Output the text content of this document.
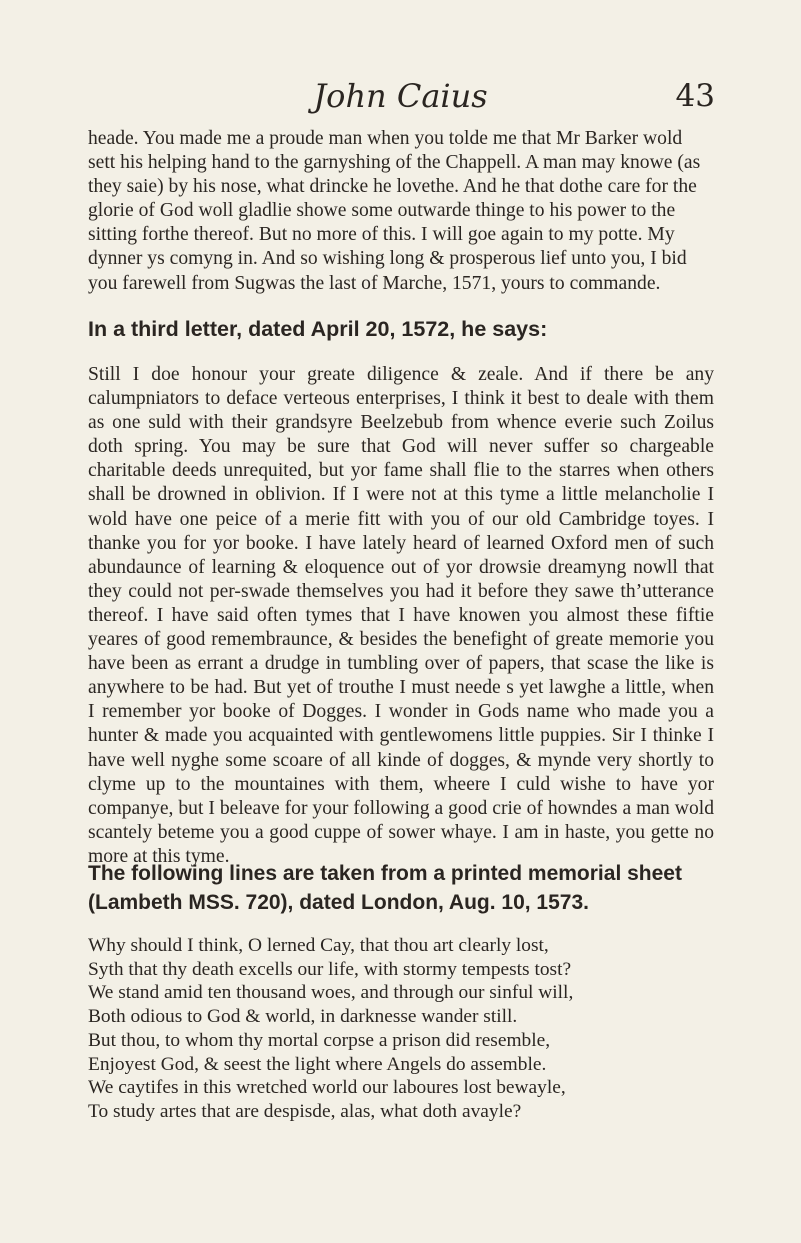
John Caius	43

heade. You made me a proude man when you tolde me that Mr Barker wold sett his helping hand to the garnyshing of the Chappell. A man may knowe (as they saie) by his nose, what drincke he lovethe. And he that dothe care for the glorie of God woll gladlie showe some outwarde thinge to his power to the sitting forthe thereof. But no more of this. I will goe again to my potte. My dynner ys comyng in. And so wishing long & prosperous lief unto you, I bid you farewell from Sugwas the last of Marche, 1571, yours to commande.

In a third letter, dated April 20, 1572, he says:

Still I doe honour your greate diligence & zeale. And if there be any calumpniators to deface verteous enterprises, I think it best to deale with them as one suld with their grandsyre Beelzebub from whence everie such Zoilus doth spring. You may be sure that God will never suffer so chargeable charitable deeds unrequited, but yor fame shall flie to the starres when others shall be drowned in oblivion. If I were not at this tyme a little melancholie I wold have one peice of a merie fitt with you of our old Cambridge toyes. I thanke you for yor booke. I have lately heard of learned Oxford men of such abundaunce of learning & eloquence out of yor drowsie dreamyng nowll that they could not per-swade themselves you had it before they sawe th’utterance thereof. I have said often tymes that I have knowen you almost these fiftie yeares of good remembraunce, & besides the benefight of greate memorie you have been as errant a drudge in tumbling over of papers, that scase the like is anywhere to be had. But yet of trouthe I must neede s yet lawghe a little, when I remember yor booke of Dogges. I wonder in Gods name who made you a hunter & made you acquainted with gentlewomens little puppies. Sir I thinke I have well nyghe some scoare of all kinde of dogges, & mynde very shortly to clyme up to the mountaines with them, wheere I culd wishe to have yor companye, but I beleave for your following a good crie of howndes a man wold scantely beteme you a good cuppe of sower whaye. I am in haste, you gette no more at this tyme.

The following lines are taken from a printed memorial sheet (Lambeth MSS. 720), dated London, Aug. 10, 1573.
Why should I think, O lerned Cay, that thou art clearly lost,
Syth that thy death excells our life, with stormy tempests tost?
We stand amid ten thousand woes, and through our sinful will,
Both odious to God & world, in darknesse wander still.
But thou, to whom thy mortal corpse a prison did resemble,
Enjoyest God, & seest the light where Angels do assemble.
We caytifes in this wretched world our laboures lost bewayle,
To study artes that are despisde, alas, what doth avayle?
